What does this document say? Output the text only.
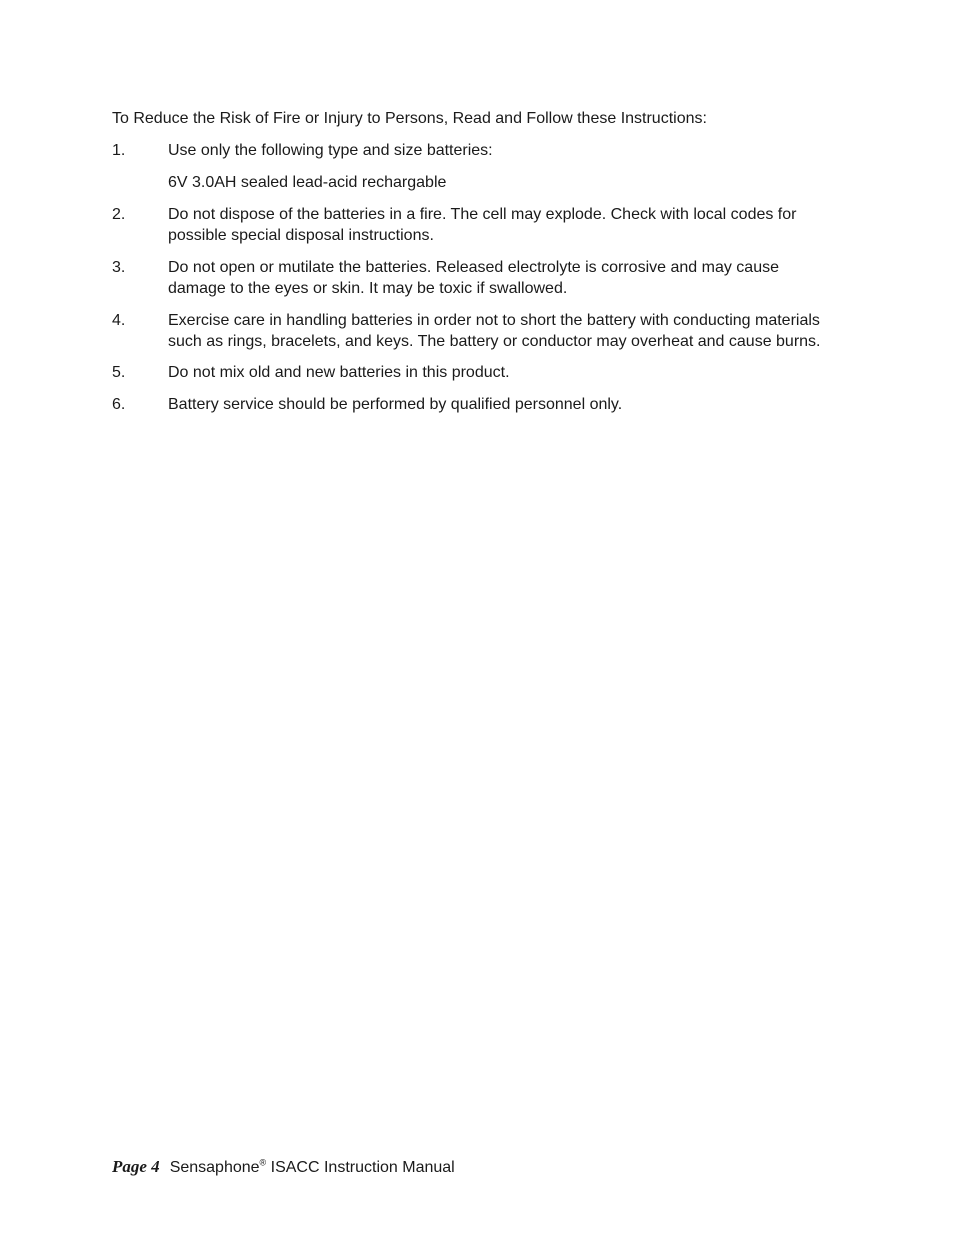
To Reduce the Risk of Fire or Injury to Persons, Read and Follow these Instructions:
1.	Use only the following type and size batteries:
6V 3.0AH sealed lead-acid rechargable
2.	Do not dispose of the batteries in a fire. The cell may explode. Check with local codes for possible special disposal instructions.
3.	Do not open or mutilate the batteries. Released electrolyte is corrosive and may cause damage to the eyes or skin. It may be toxic if swallowed.
4.	Exercise care in handling batteries in order not to short the battery with conducting materials such as rings, bracelets, and keys. The battery or conductor may overheat and cause burns.
5.	Do not mix old and new batteries in this product.
6.	Battery service should be performed by qualified personnel only.
Page 4 Sensaphone® ISACC Instruction Manual
